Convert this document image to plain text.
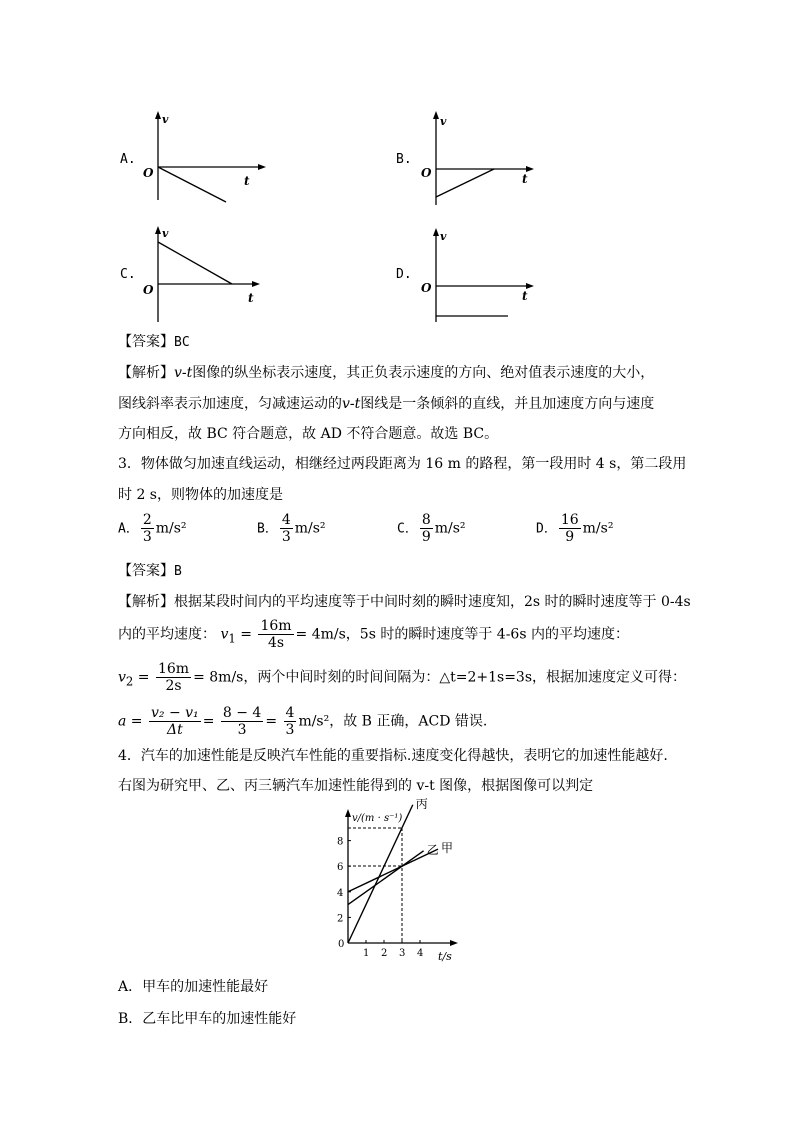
A.
v
O
t
B.
v
O	t
C.
v
O
t
D.
v
O
t
【答案】BC
【解析】v-t图像的纵坐标表示速度，其正负表示速度的方向、绝对值表示速度的大小，
图线斜率表示加速度，匀减速运动的v-t图线是一条倾斜的直线，并且加速度方向与速度
方向相反，故 BC 符合题意，故 AD 不符合题意。故选 BC。
3．物体做匀加速直线运动，相继经过两段距离为 16 m 的路程，第一段用时 4 s，第二段用
时 2 s，则物体的加速度是
A． $\frac{2}{3} m/s^2$	B． $\frac{4}{3} m/s^2$	C． $\frac{8}{9} m/s^2$	D． $\frac{16}{9} m/s^2$
【答案】B
【解析】根据某段时间内的平均速度等于中间时刻的瞬时速度知，2s 时的瞬时速度等于 0-4s
内的平均速度： $v_1 = \frac{16m}{4s} = 4m/s$，5s 时的瞬时速度等于 4-6s 内的平均速度：
$v_2 = \frac{16m}{2s} = 8m/s$，两个中间时刻的时间间隔为：△t=2+1s=3s，根据加速度定义可得：
$a = \frac{\text{v₂ − v₁}}{\Delta t} = \frac{8 - 4}{3} = \frac{4}{3} m/s^2$，故 B 正确，ACD 错误.
4．汽车的加速性能是反映汽车性能的重要指标.速度变化得越快，表明它的加速性能越好.
右图为研究甲、乙、丙三辆汽车加速性能得到的 v-t 图像，根据图像可以判定
1 2 3 4
2
4
6
8	甲
乙
丙
v/(m · s⁻¹)
t/s
0
A．甲车的加速性能最好
B．乙车比甲车的加速性能好
